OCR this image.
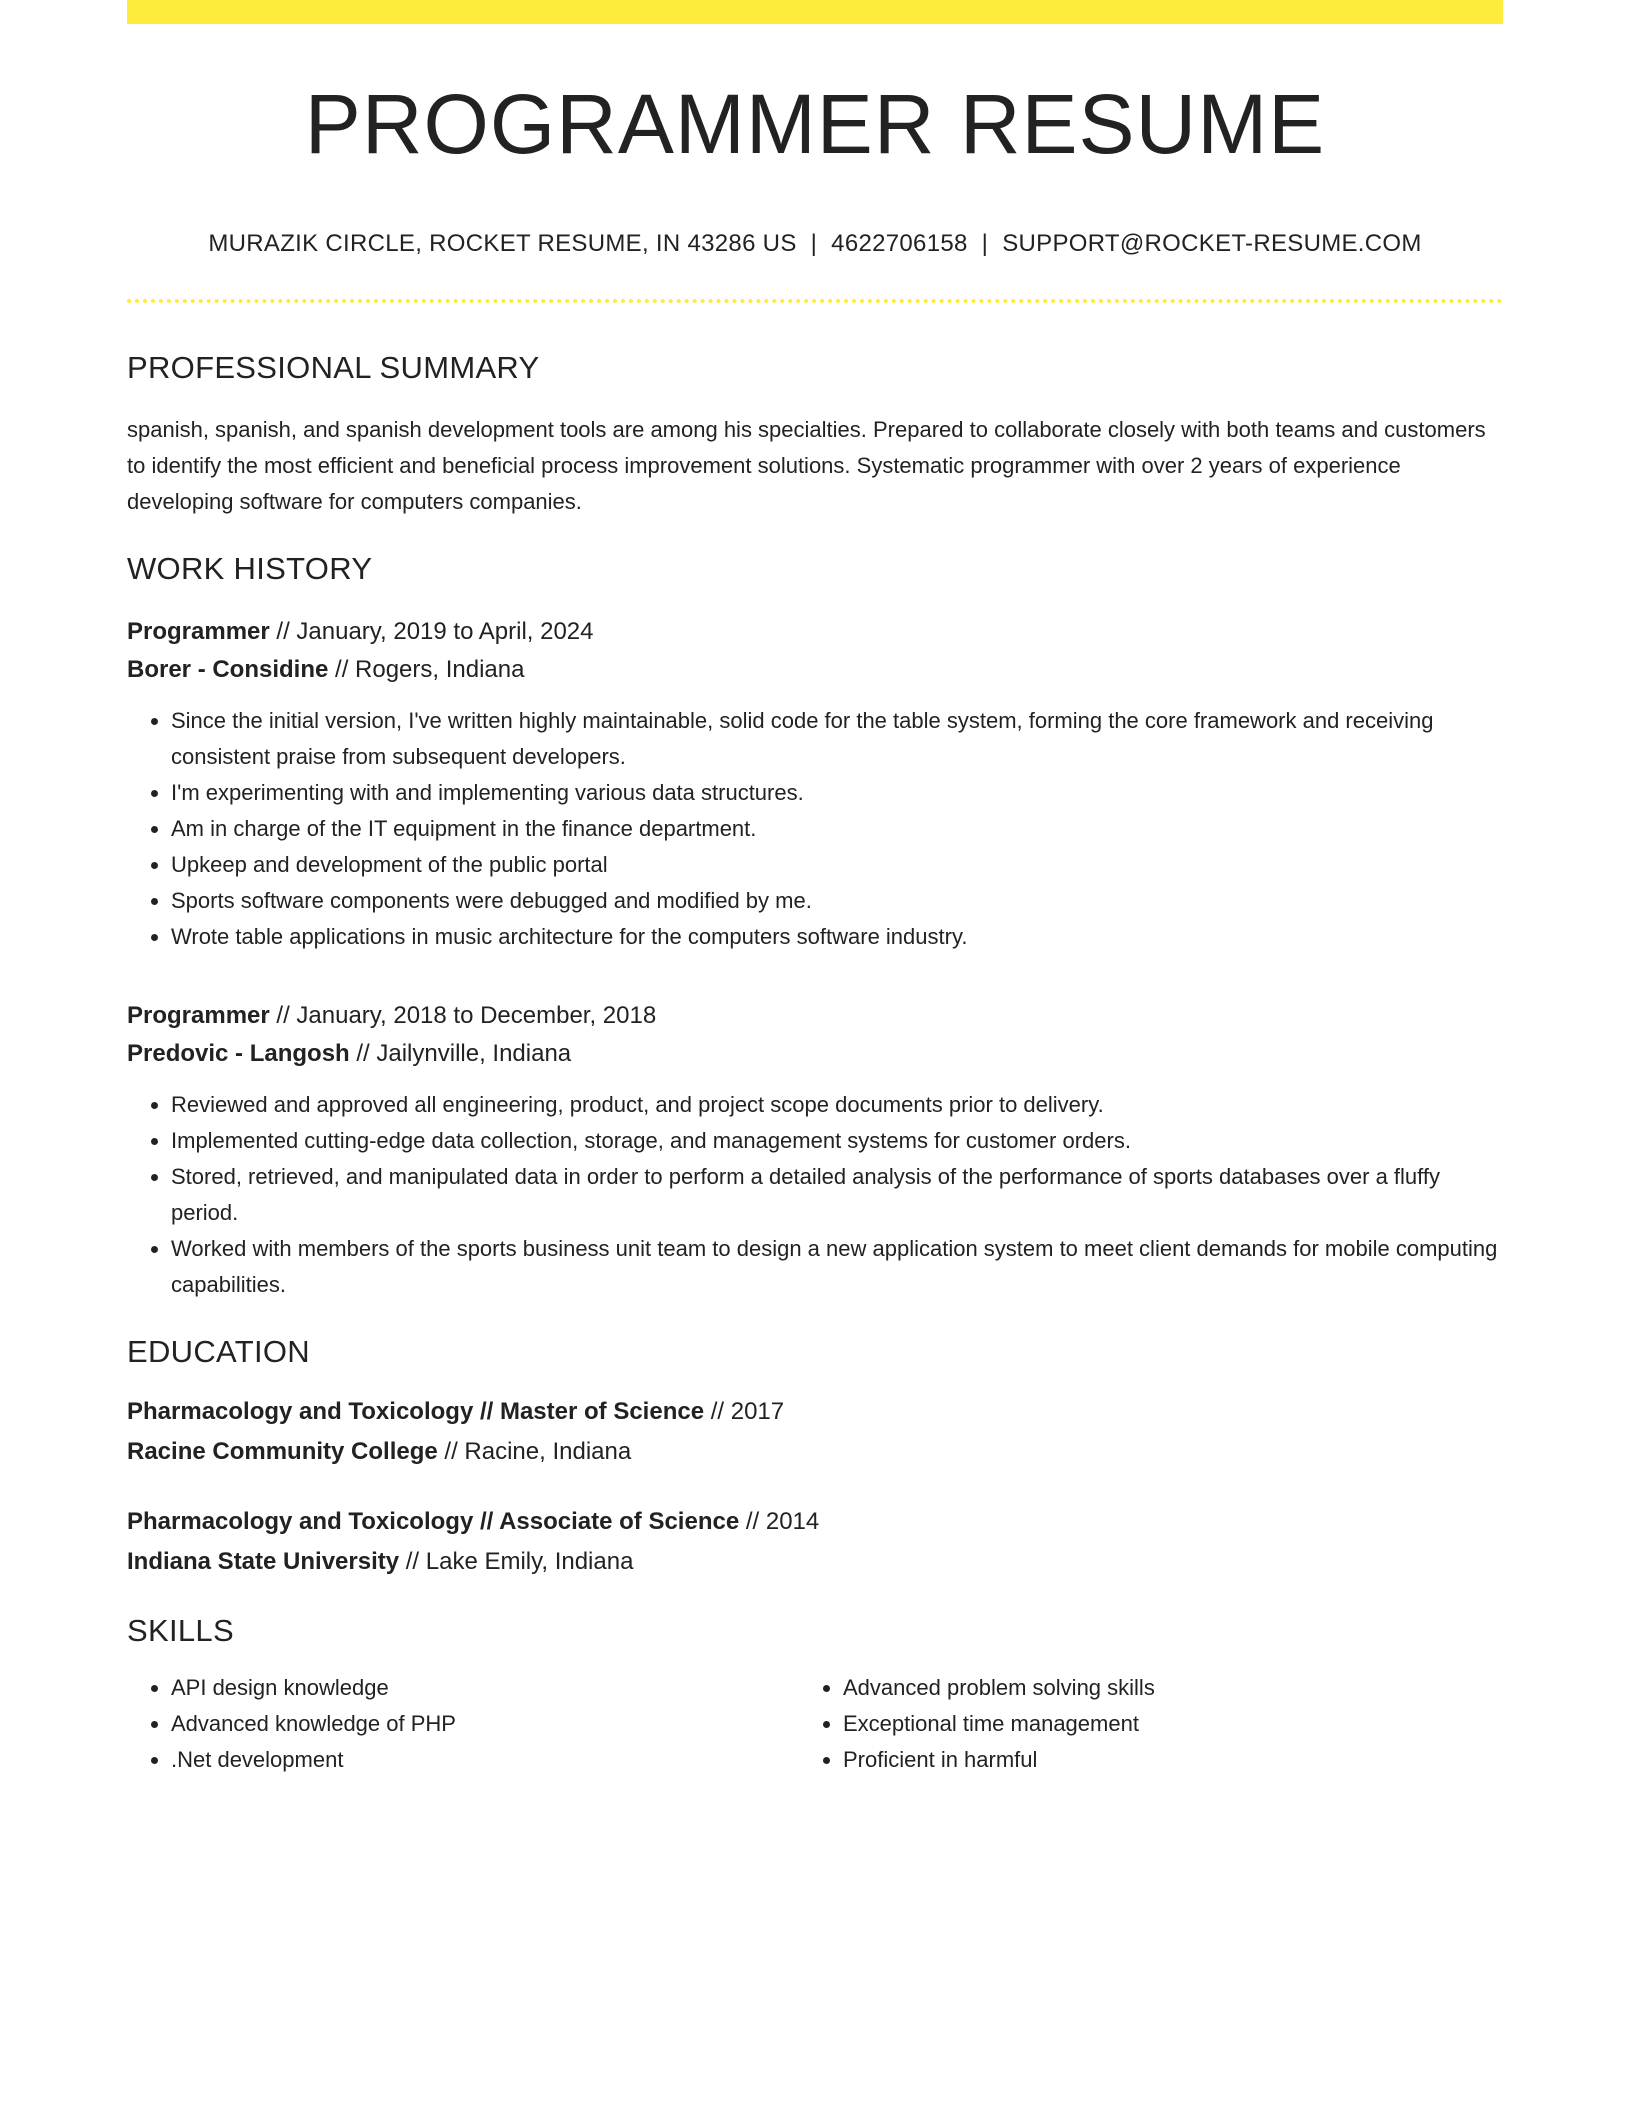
PROGRAMMER RESUME
MURAZIK CIRCLE, ROCKET RESUME, IN 43286 US | 4622706158 | SUPPORT@ROCKET-RESUME.COM
PROFESSIONAL SUMMARY
spanish, spanish, and spanish development tools are among his specialties. Prepared to collaborate closely with both teams and customers to identify the most efficient and beneficial process improvement solutions. Systematic programmer with over 2 years of experience developing software for computers companies.
WORK HISTORY
Programmer // January, 2019 to April, 2024
Borer - Considine // Rogers, Indiana
• Since the initial version, I've written highly maintainable, solid code for the table system, forming the core framework and receiving consistent praise from subsequent developers.
• I'm experimenting with and implementing various data structures.
• Am in charge of the IT equipment in the finance department.
• Upkeep and development of the public portal
• Sports software components were debugged and modified by me.
• Wrote table applications in music architecture for the computers software industry.
Programmer // January, 2018 to December, 2018
Predovic - Langosh // Jailynville, Indiana
• Reviewed and approved all engineering, product, and project scope documents prior to delivery.
• Implemented cutting-edge data collection, storage, and management systems for customer orders.
• Stored, retrieved, and manipulated data in order to perform a detailed analysis of the performance of sports databases over a fluffy period.
• Worked with members of the sports business unit team to design a new application system to meet client demands for mobile computing capabilities.
EDUCATION
Pharmacology and Toxicology // Master of Science // 2017
Racine Community College // Racine, Indiana
Pharmacology and Toxicology // Associate of Science // 2014
Indiana State University // Lake Emily, Indiana
SKILLS
• API design knowledge
• Advanced knowledge of PHP
• .Net development
• Advanced problem solving skills
• Exceptional time management
• Proficient in harmful
